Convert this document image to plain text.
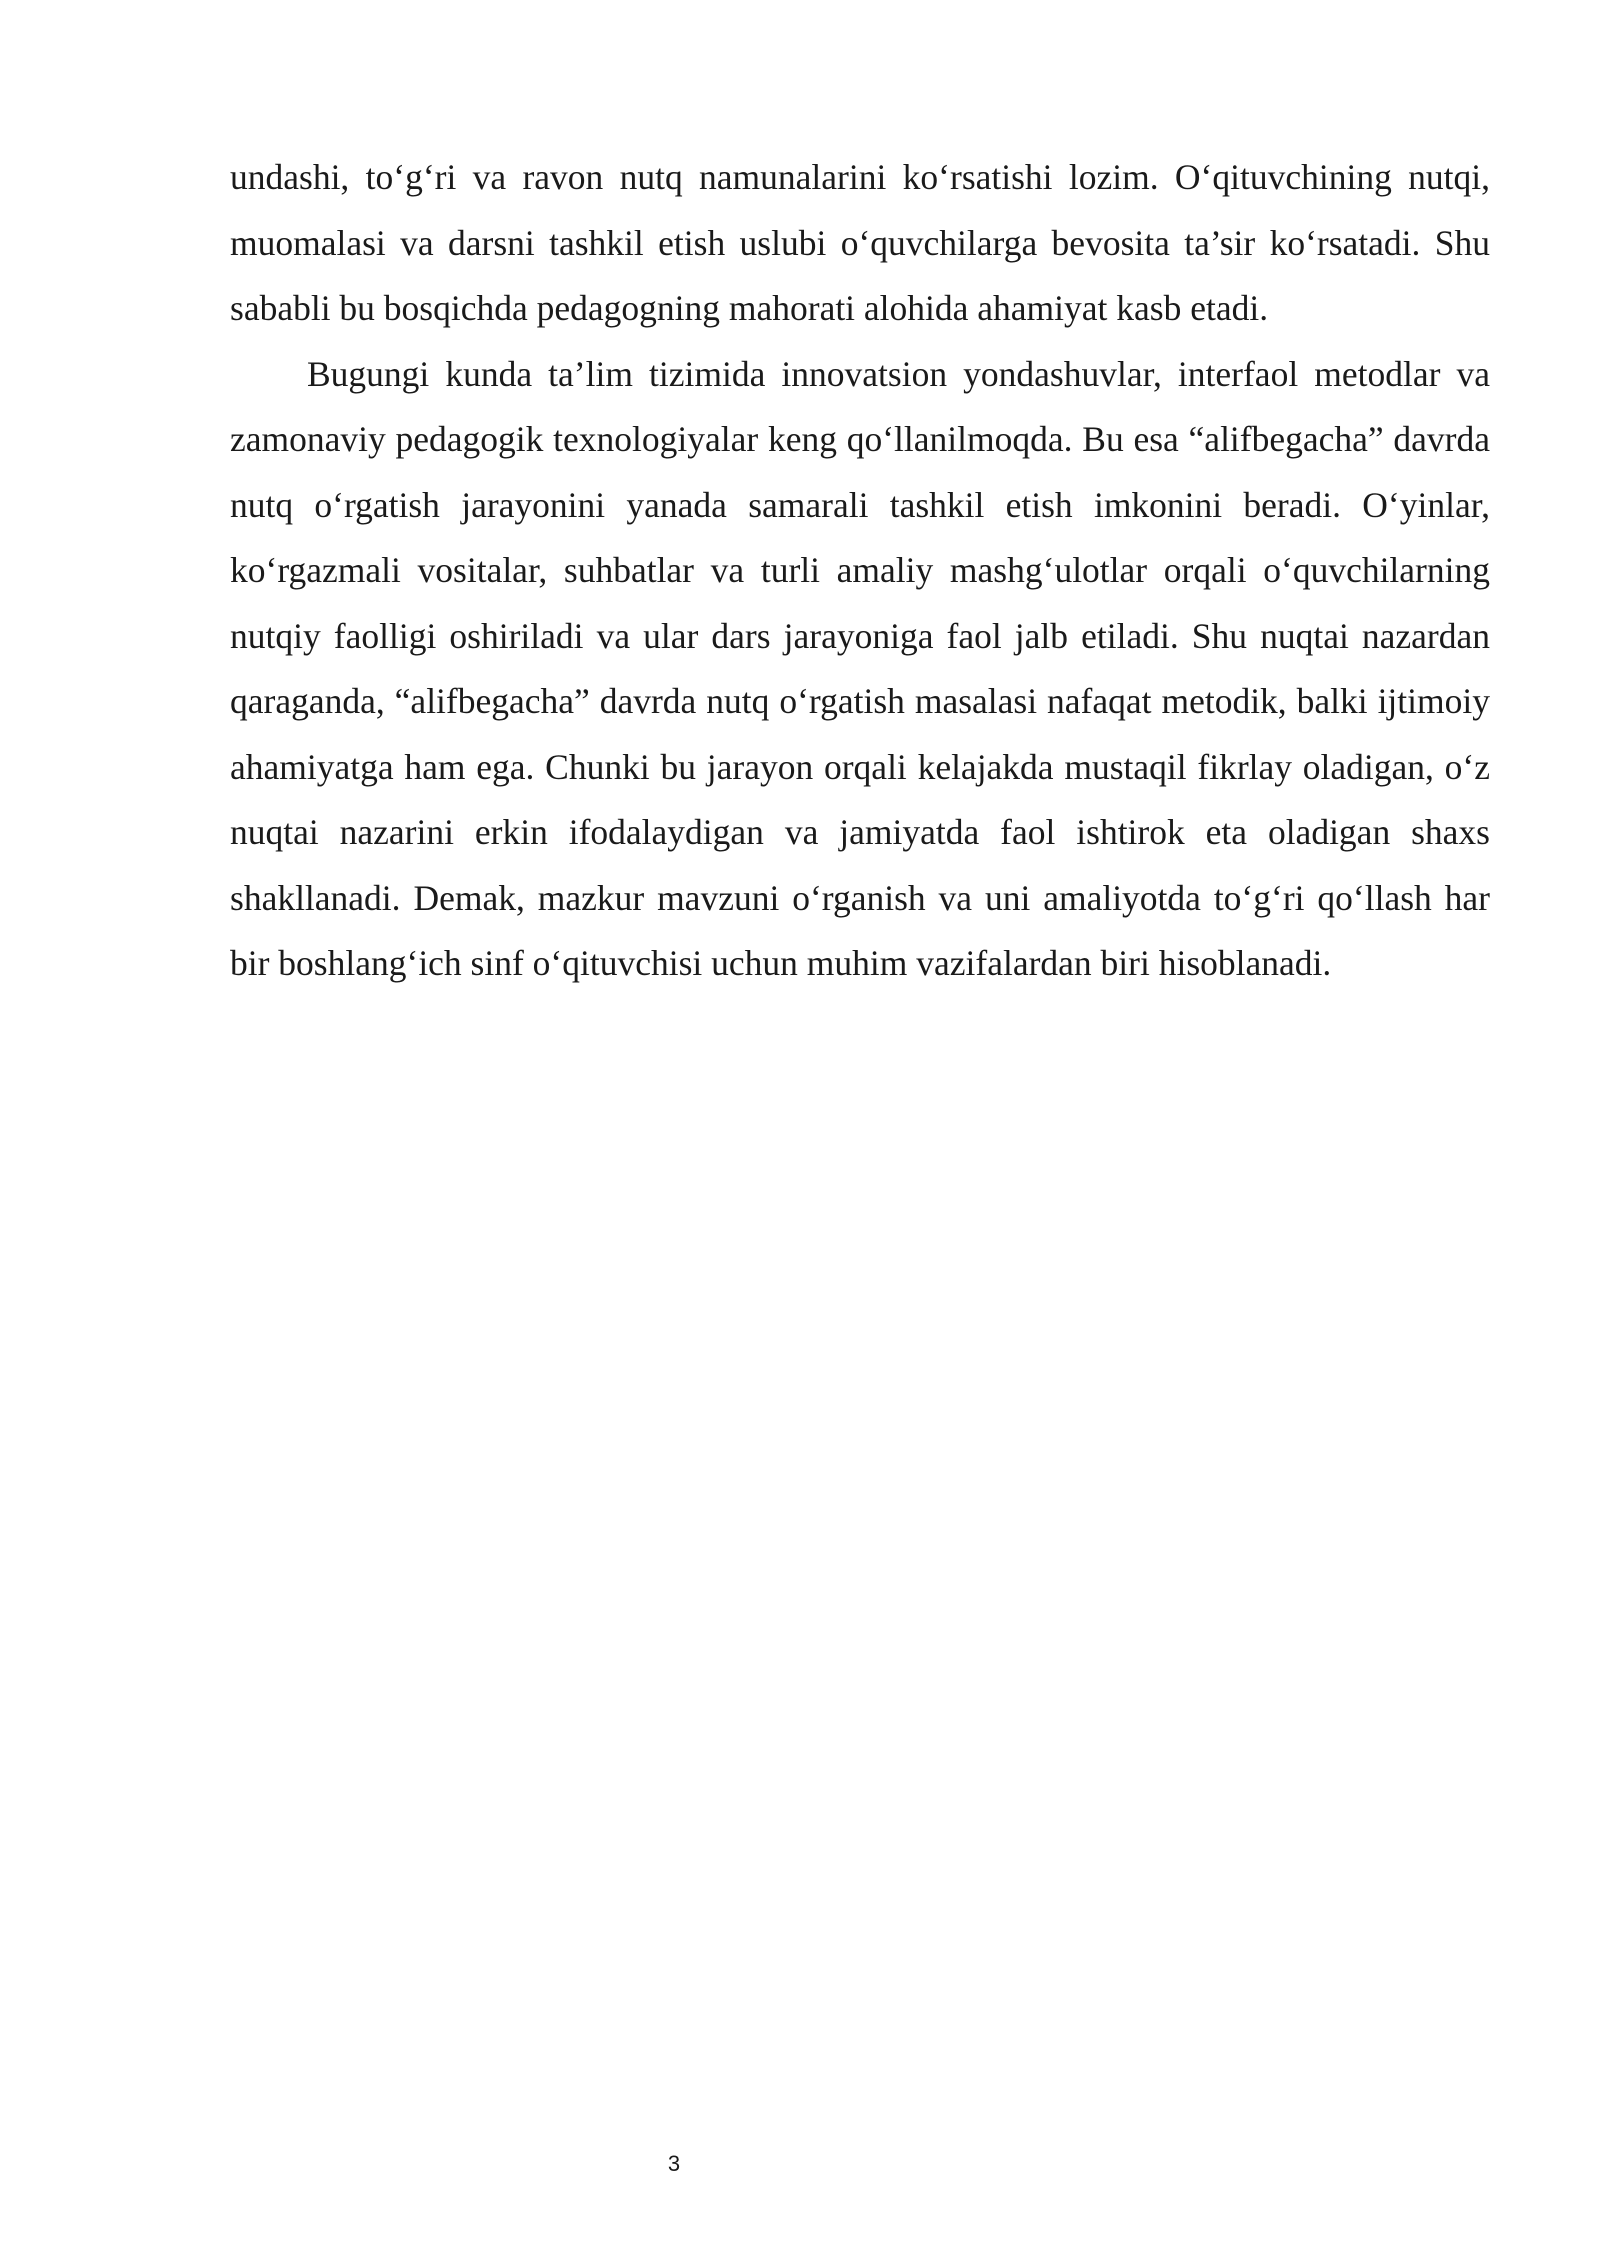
undashi, to‘g‘ri va ravon nutq namunalarini ko‘rsatishi lozim. O‘qituvchining nutqi, muomalasi va darsni tashkil etish uslubi o‘quvchilarga bevosita ta’sir ko‘rsatadi. Shu sababli bu bosqichda pedagogning mahorati alohida ahamiyat kasb etadi.

Bugungi kunda ta’lim tizimida innovatsion yondashuvlar, interfaol metodlar va zamonaviy pedagogik texnologiyalar keng qo‘llanilmoqda. Bu esa “alifbegacha” davrda nutq o‘rgatish jarayonini yanada samarali tashkil etish imkonini beradi. O‘yinlar, ko‘rgazmali vositalar, suhbatlar va turli amaliy mashg‘ulotlar orqali o‘quvchilarning nutqiy faolligi oshiriladi va ular dars jarayoniga faol jalb etiladi. Shu nuqtai nazardan qaraganda, “alifbegacha” davrda nutq o‘rgatish masalasi nafaqat metodik, balki ijtimoiy ahamiyatga ham ega. Chunki bu jarayon orqali kelajakda mustaqil fikrlay oladigan, o‘z nuqtai nazarini erkin ifodalaydigan va jamiyatda faol ishtirok eta oladigan shaxs shakllanadi. Demak, mazkur mavzuni o‘rganish va uni amaliyotda to‘g‘ri qo‘llash har bir boshlang‘ich sinf o‘qituvchisi uchun muhim vazifalardan biri hisoblanadi.

3
